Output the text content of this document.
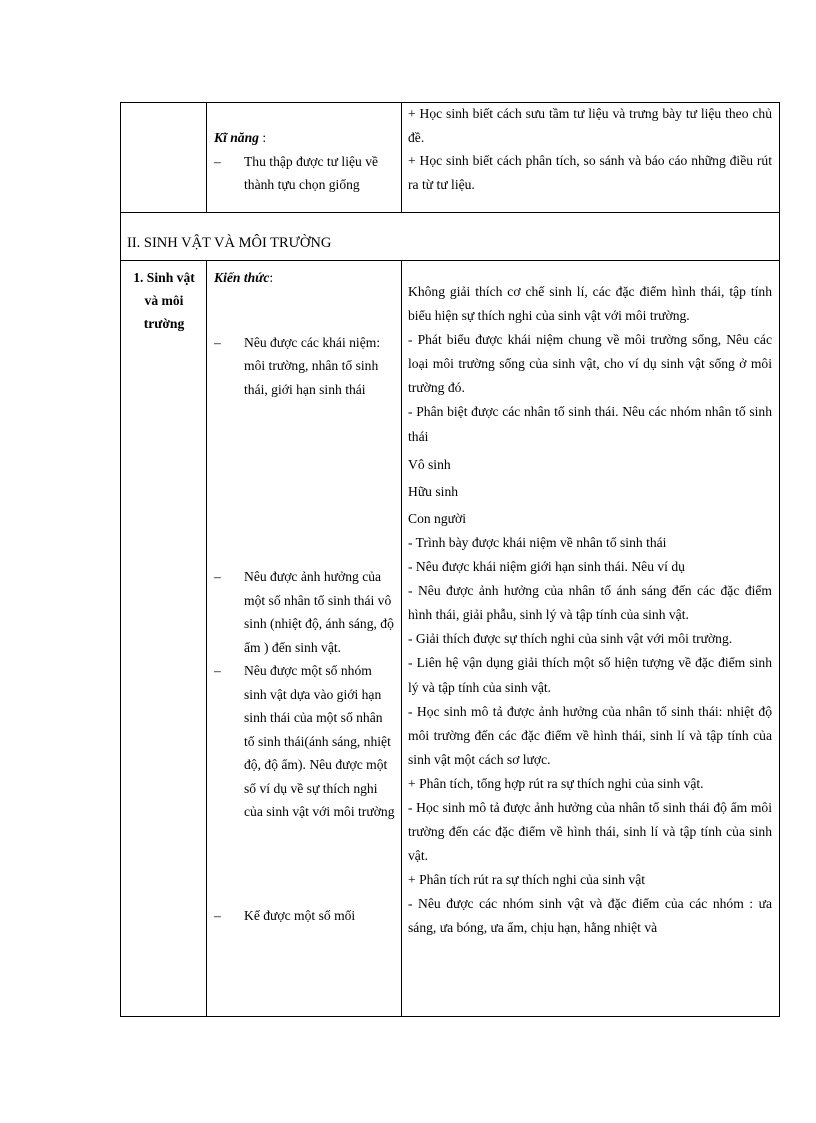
Kĩ năng :

– Thu thập được tư liệu về thành tựu chọn giống

+ Học sinh biết cách sưu tầm tư liệu và trưng bày tư liệu theo chủ đề.

+ Học sinh biết cách phân tích, so sánh và báo cáo những điều rút ra từ tư liệu.

II. SINH VẬT VÀ MÔI TRƯỜNG
1. Sinh vật và môi trường

Kiến thức:

– Nêu được các khái niệm: môi trường, nhân tố sinh thái, giới hạn sinh thái
– Nêu được ảnh hưởng của một số nhân tố sinh thái vô sinh (nhiệt độ, ánh sáng, độ ẩm ) đến sinh vật.
– Nêu được một số nhóm sinh vật dựa vào giới hạn sinh thái của một số nhân tố sinh thái(ánh sáng, nhiệt độ, độ ẩm). Nêu được một số ví dụ về sự thích nghi của sinh vật với môi trường
– Kể được một số mối

Không giải thích cơ chế sinh lí, các đặc điểm hình thái, tập tính biểu hiện sự thích nghi của sinh vật với môi trường.

- Phát biểu được khái niệm chung về môi trường sống, Nêu các loại môi trường sống của sinh vật, cho ví dụ sinh vật sống ở môi trường đó.

- Phân biệt được các nhân tố sinh thái. Nêu các nhóm nhân tố sinh thái

Vô sinh

Hữu sinh

Con người

- Trình bày được khái niệm về nhân tố sinh thái

- Nêu được khái niệm giới hạn sinh thái. Nêu ví dụ

- Nêu được ảnh hưởng của nhân tố ánh sáng đến các đặc điểm hình thái, giải phẫu, sinh lý và tập tính của sinh vật.

- Giải thích được sự thích nghi của sinh vật với môi trường.

- Liên hệ vận dụng giải thích một số hiện tượng về đặc điểm sinh lý và tập tính của sinh vật.

- Học sinh mô tả được ảnh hưởng của nhân tố sinh thái: nhiệt độ môi trường đến các đặc điểm về hình thái, sinh lí và tập tính của sinh vật một cách sơ lược.

+ Phân tích, tổng hợp rút ra sự thích nghi của sinh vật.

- Học sinh mô tả được ảnh hưởng của nhân tố sinh thái độ ẩm môi trường đến các đặc điểm về hình thái, sinh lí và tập tính của sinh vật.

+ Phân tích rút ra sự thích nghi của sinh vật

- Nêu được các nhóm sinh vật và đặc điểm của các nhóm : ưa sáng, ưa bóng, ưa ẩm, chịu hạn, hằng nhiệt và
